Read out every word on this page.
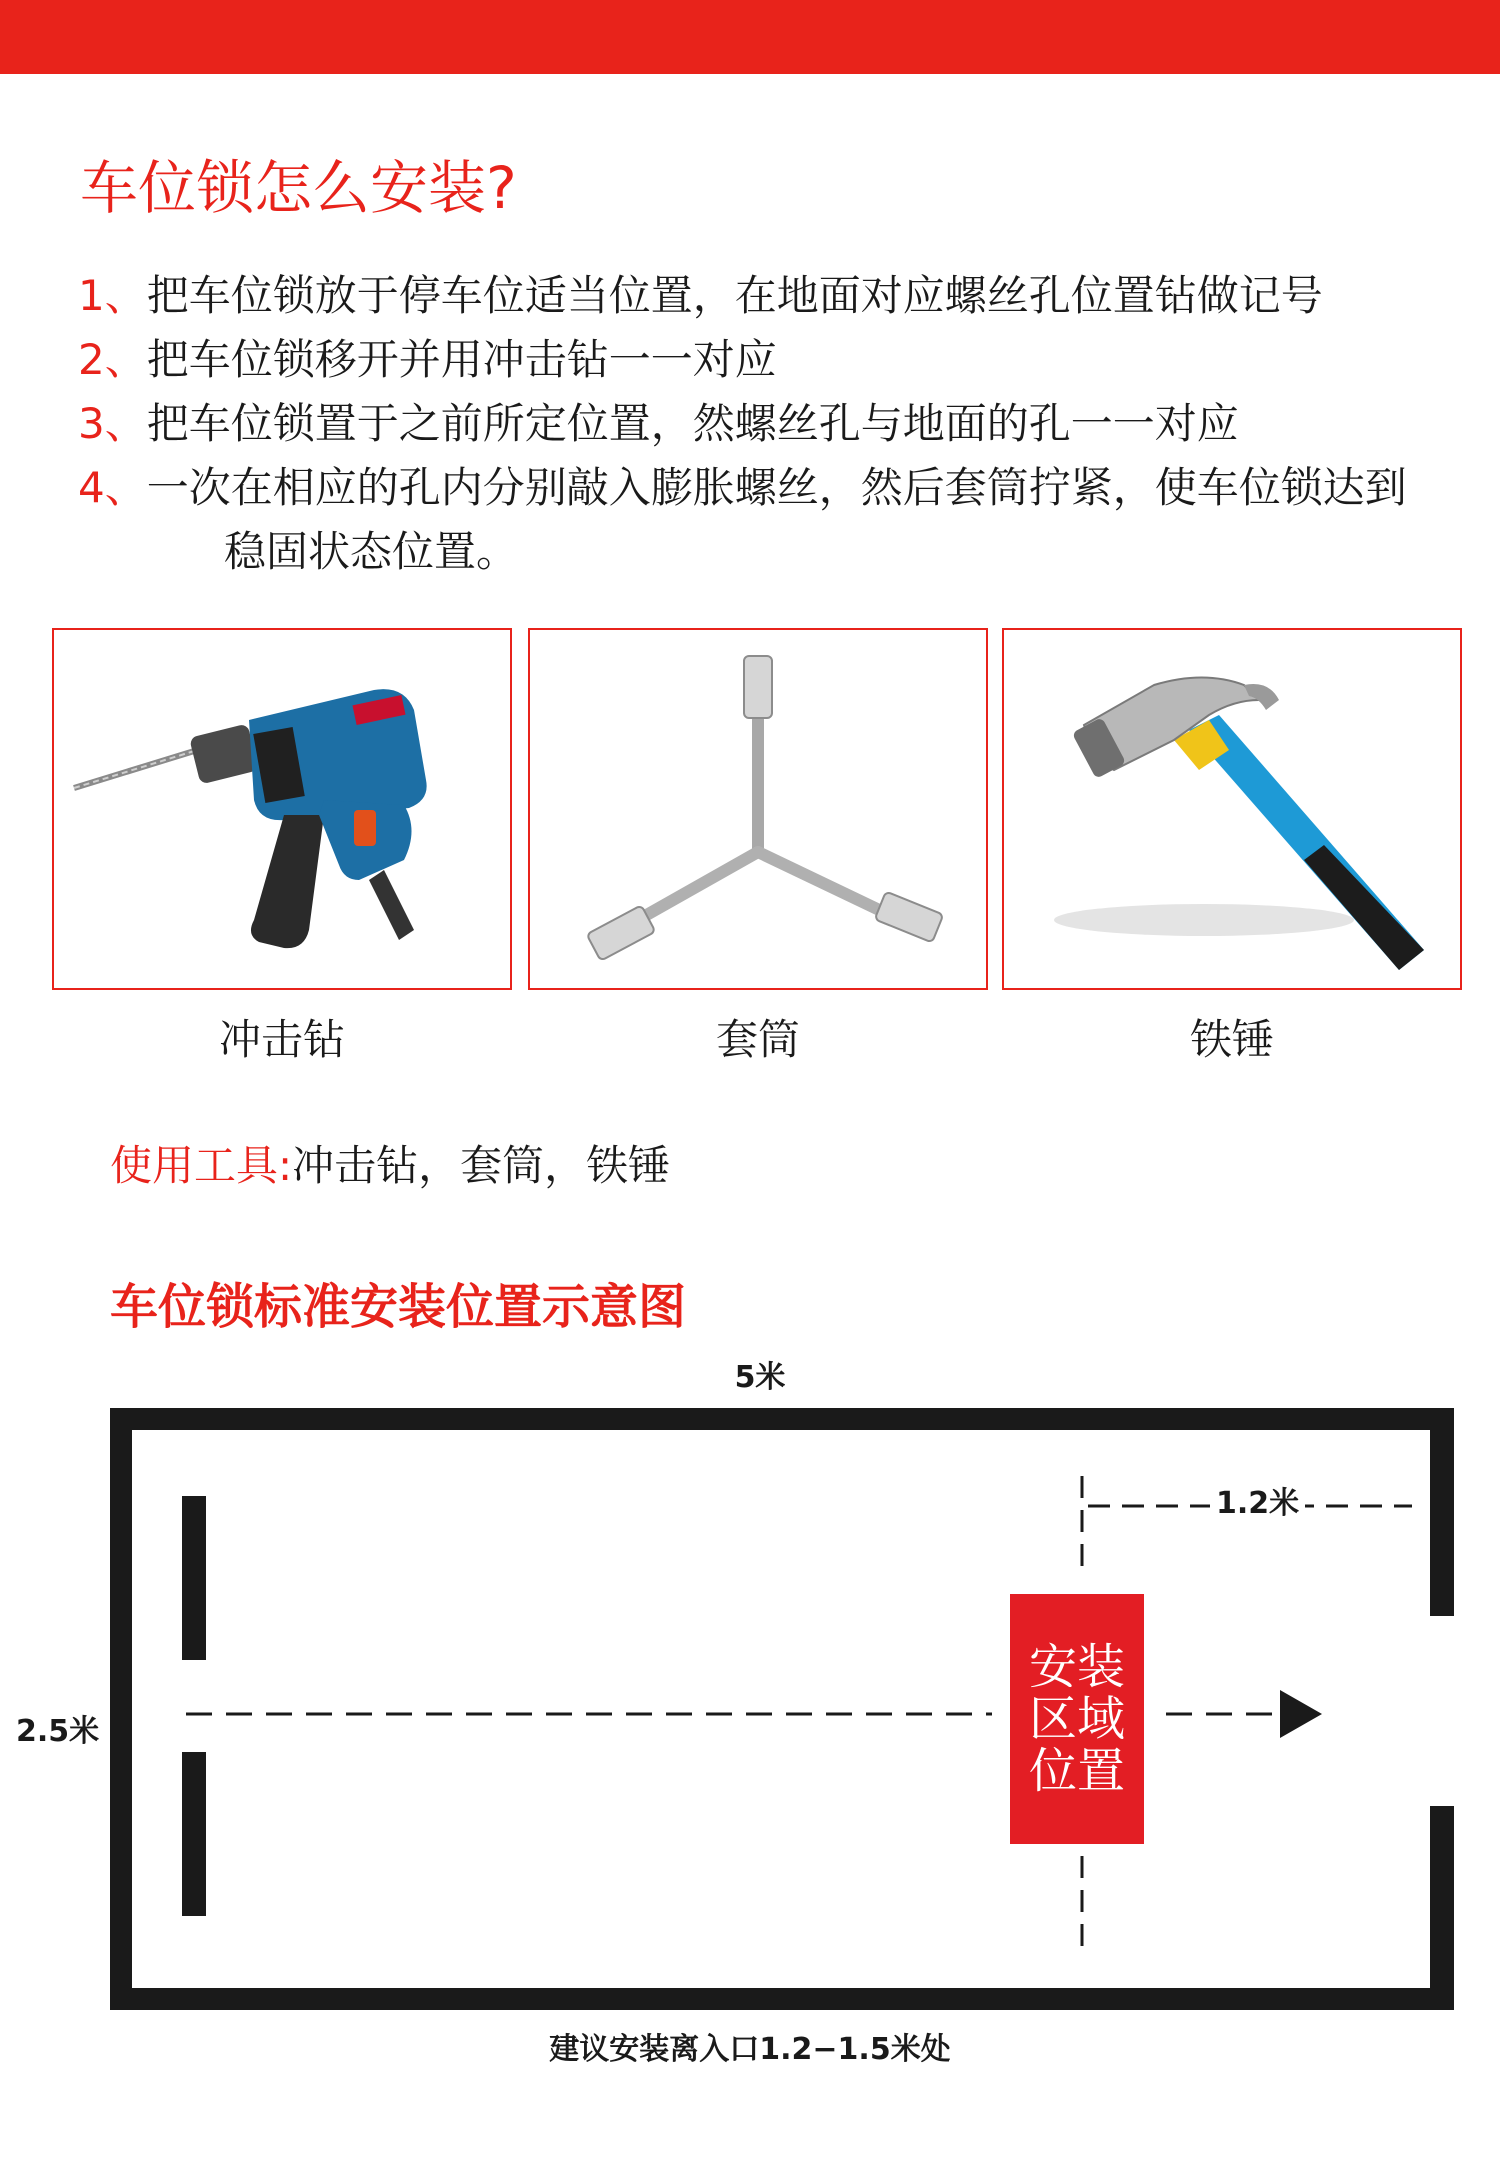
车位锁怎么安装?
1、把车位锁放于停车位适当位置，在地面对应螺丝孔位置钻做记号
2、把车位锁移开并用冲击钻一一对应
3、把车位锁置于之前所定位置，然螺丝孔与地面的孔一一对应
4、一次在相应的孔内分别敲入膨胀螺丝，然后套筒拧紧，使车位锁达到
稳固状态位置。
冲击钻	套筒	铁锤
使用工具:冲击钻，套筒，铁锤
车位锁标准安装位置示意图
5米
2.5米
1.2米
安装
区域
位置
建议安装离入口1.2−1.5米处
